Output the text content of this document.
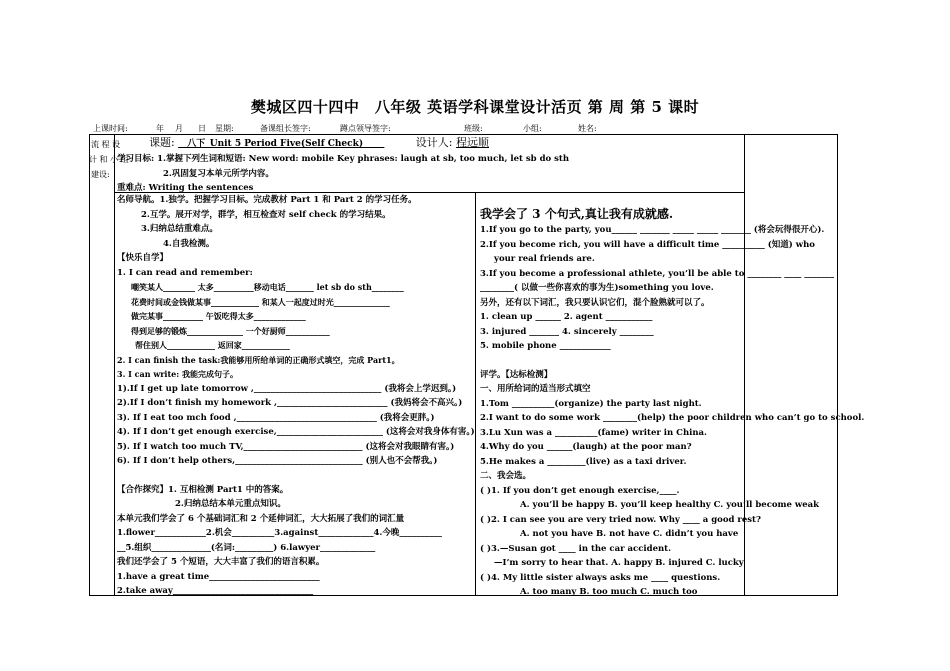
樊城区四十四中　八年级 英语学科课堂设计活页 第 周 第 5 课时
上课时间:	年 月 日 星期:	备课组长签字:	蹲点领导签字:	班级:	小组:	姓名:
流 程 设
计 和 小 组
建设:
课题: __八下_Unit 5 Period Five(Self Check) ____	设计人: 程远顺
学习目标: 1.掌握下列生词和短语: New word: mobile Key phrases: laugh at sb, too much, let sb do sth
2.巩固复习本单元所学内容。
重难点: Writing the sentences
名师导航。1.独学。把握学习目标。完成教材 Part 1 和 Part 2 的学习任务。
2.互学。展开对学，群学，相互检查对 self check 的学习结果。
3.归纳总结重难点。
4.自我检测。
【快乐自学】
1. I can read and remember:
嘲笑某人________ 太多__________移动电话_______ let sb do sth________
花费时间或金钱做某事____________ 和某人一起度过时光______________
做完某事__________ 午饭吃得太多_____________
得到足够的锻炼______________ 一个好厨师___________
帮住别人____________ 返回家____________
2. I can finish the task:我能够用所给单词的正确形式填空，完成 Part1。
3. I can write: 我能完成句子。
1).If I get up late tomorrow ,______________________________ (我将会上学迟到。)
2).If I don’t finish my homework ,__________________________ (我妈将会不高兴。)
3). If I eat too mch food ,_________________________________ (我将会更胖。)
4). If I don’t get enough exercise,_________________________ (这将会对我身体有害。)
5). If I watch too much TV,____________________________ (这将会对我眼睛有害。)
6). If I don’t help others,______________________________ (别人也不会帮我。)
【合作探究】1. 互相检测 Part1 中的答案。
2.归纳总结本单元重点知识。
本单元我们学会了 6 个基础词汇和 2 个延伸词汇，大大拓展了我们的词汇量
1.flower____________2.机会__________3.against_____________4.今晚__________
__5.组织______________(名词:_________) 6.lawyer_____________
我们还学会了 5 个短语，大大丰富了我们的语言积累。
1.have a great time__________________________
2.take away_________________________________
我学会了 3 个句式,真让我有成就感.
1.If you go to the party, you______ _______ _____ _____ _______ (将会玩得很开心).
2.If you become rich, you will have a difficult time __________ (知道) who
your real friends are.
3.If you become a professional athlete, you’ll be able to ________ ____ _______
________( 以做一些你喜欢的事为生)something you love.
另外，还有以下词汇，我只要认识它们，混个脸熟就可以了。
1. clean up ______ 2. agent ___________
3. injured _______ 4. sincerely ________
5. mobile phone ____________
评学。【达标检测】
一、用所给词的适当形式填空
1.Tom __________(organize) the party last night.
2.I want to do some work ________(help) the poor children who can’t go to school.
3.Lu Xun was a __________(fame) writer in China.
4.Why do you ______(laugh) at the poor man?
5.He makes a _________(live) as a taxi driver.
二、我会选。
( )1. If you don’t get enough exercise,____.
A. you’ll be happy B. you’ll keep healthy C. you’ll become weak
( )2. I can see you are very tried now. Why ____ a good rest?
A. not you have B. not have C. didn’t you have
( )3.—Susan got ____ in the car accident.
—I’m sorry to hear that. A. happy B. injured C. lucky
( )4. My little sister always asks me ____ questions.
A. too many B. too much C. much too
